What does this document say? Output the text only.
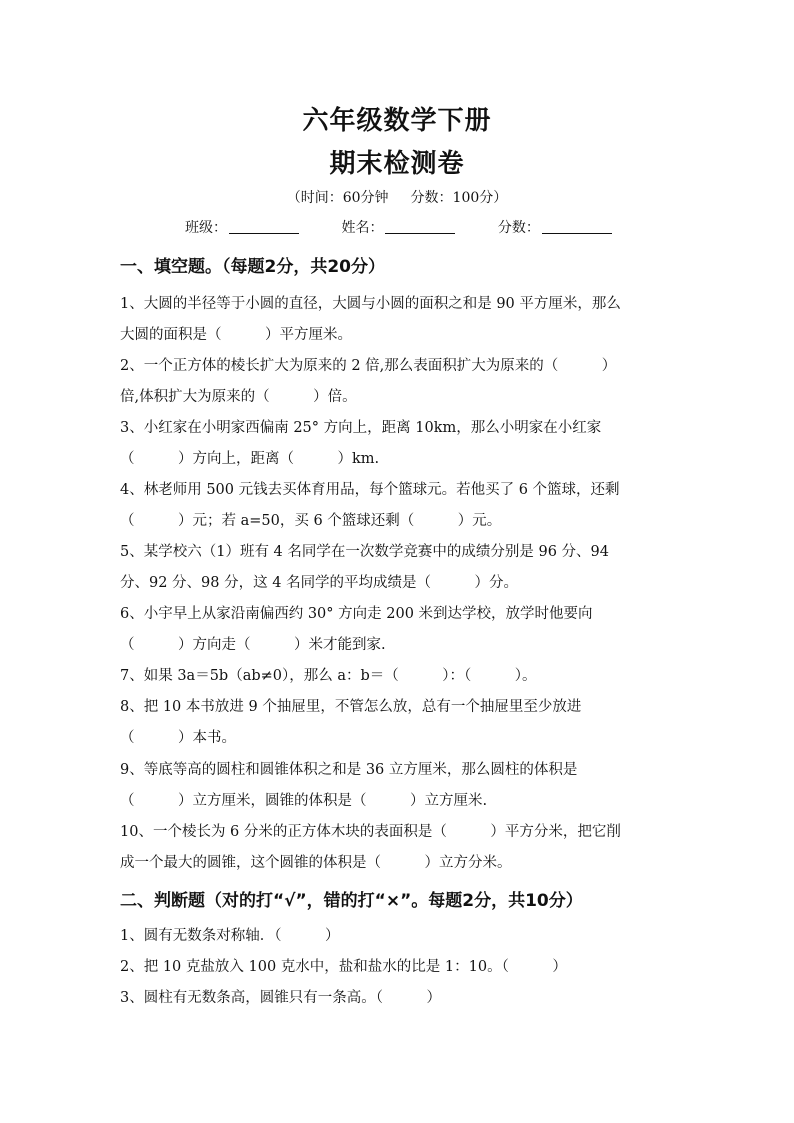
六年级数学下册
期末检测卷
（时间：60分钟 分数：100分）
班级：	姓名：	分数：
一、填空题。（每题2分，共20分）
1、大圆的半径等于小圆的直径，大圆与小圆的面积之和是 90 平方厘米，那么
大圆的面积是（　　　）平方厘米。
2、一个正方体的棱长扩大为原来的 2 倍,那么表面积扩大为原来的（　　　）
倍,体积扩大为原来的（　　　）倍。
3、小红家在小明家西偏南 25° 方向上，距离 10km，那么小明家在小红家
（　　　）方向上，距离（　　　）km.
4、林老师用 500 元钱去买体育用品，每个篮球元。若他买了 6 个篮球，还剩
（　　　）元；若 a=50，买 6 个篮球还剩（　　　）元。
5、某学校六（1）班有 4 名同学在一次数学竞赛中的成绩分别是 96 分、94
分、92 分、98 分，这 4 名同学的平均成绩是（　　　）分。
6、小宇早上从家沿南偏西约 30° 方向走 200 米到达学校，放学时他要向
（　　　）方向走（　　　）米才能到家.
7、如果 3a＝5b（ab≠0），那么 a：b＝（　　　）：（　　　）。
8、把 10 本书放进 9 个抽屉里，不管怎么放，总有一个抽屉里至少放进
（　　　）本书。
9、等底等高的圆柱和圆锥体积之和是 36 立方厘米，那么圆柱的体积是
（　　　）立方厘米，圆锥的体积是（　　　）立方厘米.
10、一个棱长为 6 分米的正方体木块的表面积是（　　　）平方分米，把它削
成一个最大的圆锥，这个圆锥的体积是（　　　）立方分米。
二、判断题（对的打“√”，错的打“×”。每题2分，共10分）
1、圆有无数条对称轴．（　　　）
2、把 10 克盐放入 100 克水中，盐和盐水的比是 1：10。（　　　）
3、圆柱有无数条高，圆锥只有一条高。（　　　）
